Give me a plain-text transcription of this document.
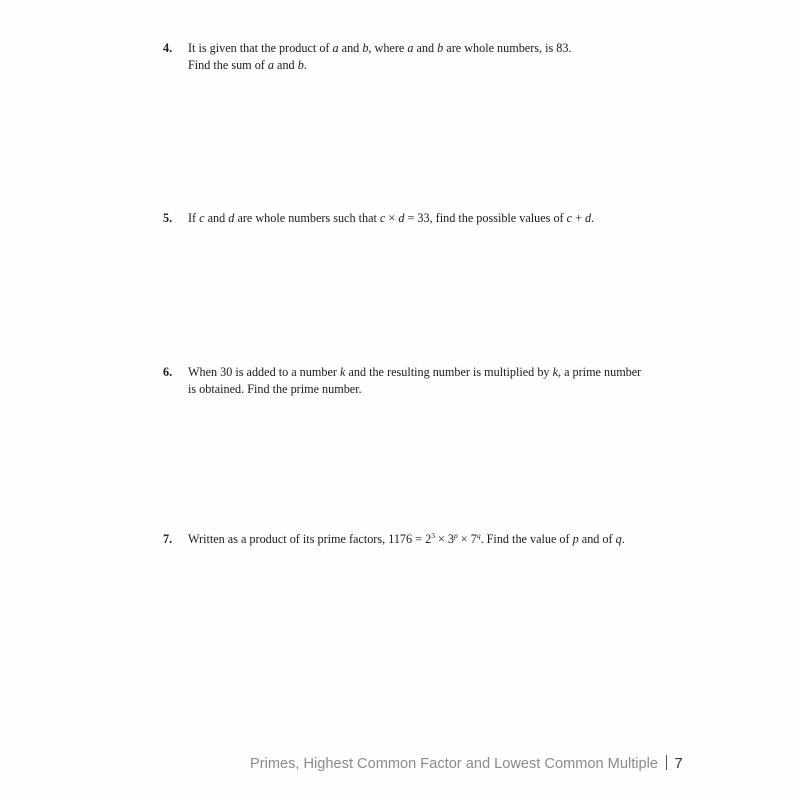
4. It is given that the product of a and b, where a and b are whole numbers, is 83.
Find the sum of a and b.
5. If c and d are whole numbers such that c × d = 33, find the possible values of c + d.
6. When 30 is added to a number k and the resulting number is multiplied by k, a prime number
is obtained. Find the prime number.
7. Written as a product of its prime factors, $1176 = 2^3 \times 3^p \times 7^q$. Find the value of p and of q.
Primes, Highest Common Factor and Lowest Common Multiple 7
